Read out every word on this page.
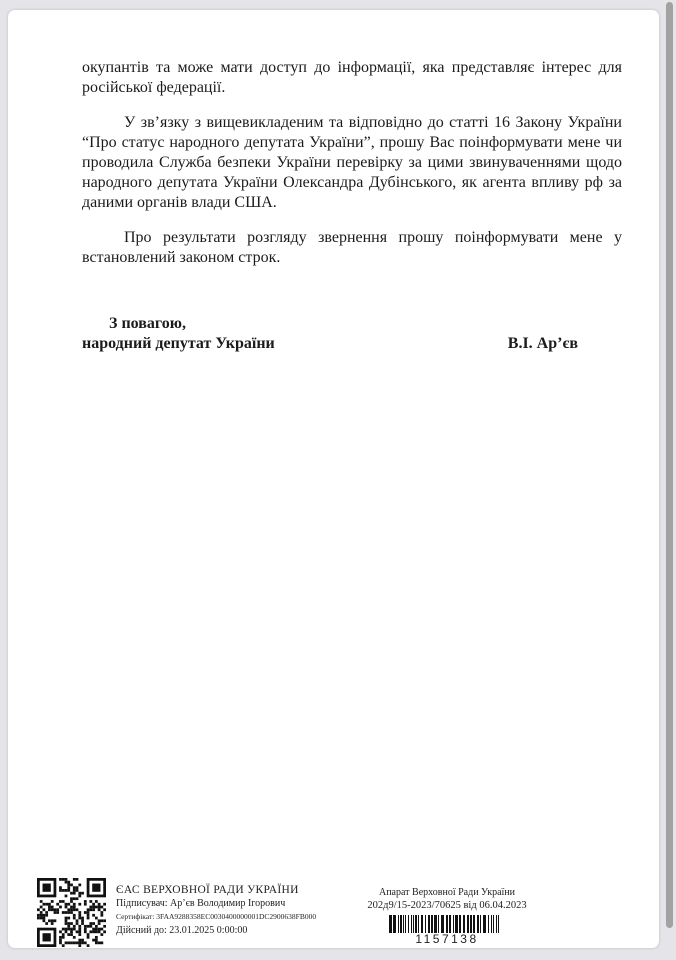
окупантів та може мати доступ до інформації, яка представляє інтерес для
російської федерації.
У зв’язку з вищевикладеним та відповідно до статті 16 Закону України
“Про статус народного депутата України”, прошу Вас поінформувати мене чи
проводила Служба безпеки України перевірку за цими звинуваченнями щодо
народного депутата України Олександра Дубінського, як агента впливу рф за
даними органів влади США.
Про результати розгляду звернення прошу поінформувати мене у
встановлений законом строк.
З повагою,
народний депутат України	В.І. Ар’єв
ЄАС ВЕРХОВНОЇ РАДИ УКРАЇНИ
Підписувач: Ар’єв Володимир Ігорович
Сертифікат: 3FAA9288358EC0030400000001DC2900638FB000
Дійсний до: 23.01.2025 0:00:00
Апарат Верховної Ради України
202д9/15-2023/70625 від 06.04.2023
1157138
